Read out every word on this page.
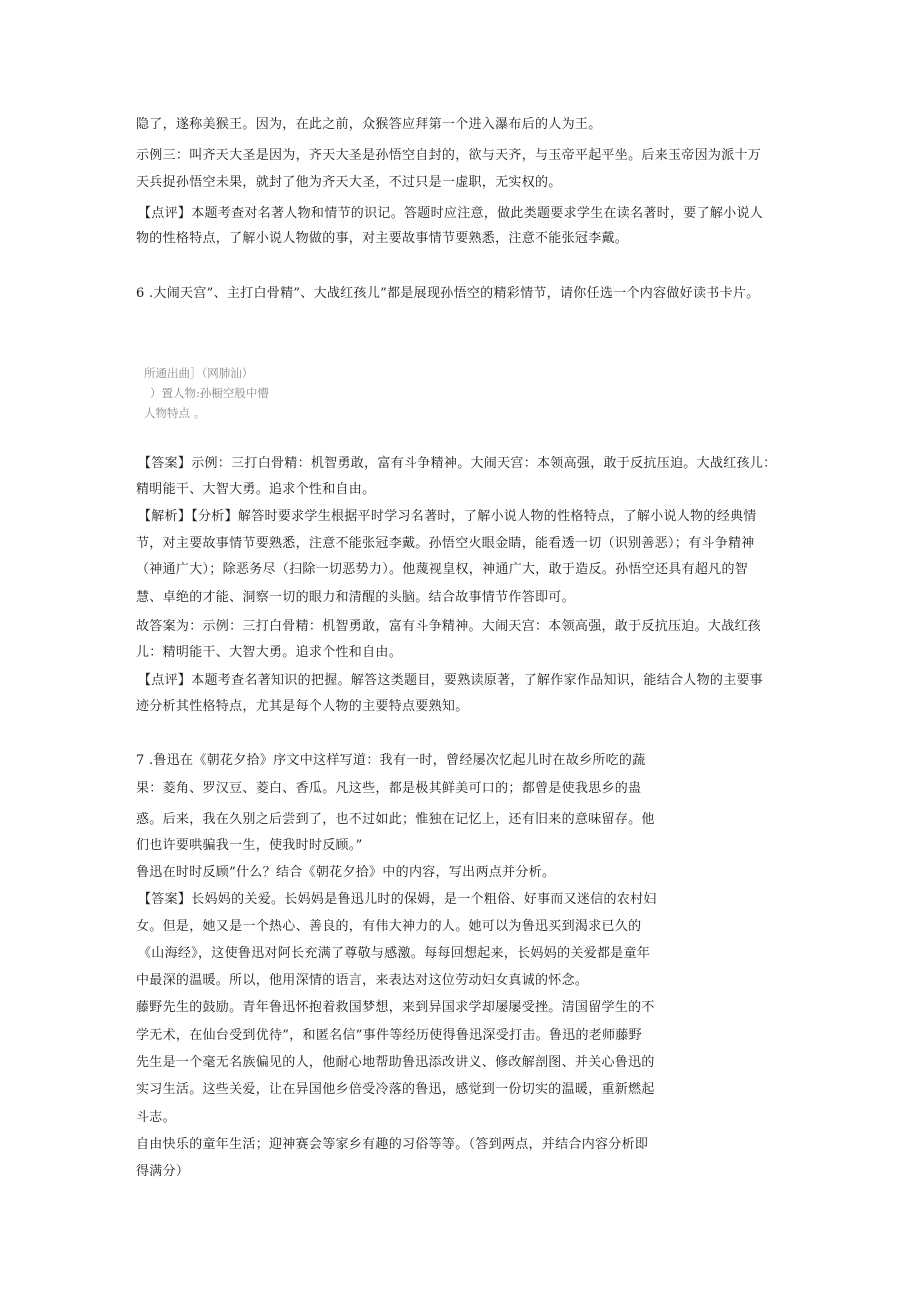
隐了，遂称美猴王。因为，在此之前，众猴答应拜第一个进入瀑布后的人为王。
示例三：叫齐天大圣是因为，齐天大圣是孙悟空自封的，欲与天齐，与玉帝平起平坐。后来玉帝因为派十万
天兵捉孙悟空未果，就封了他为齐天大圣，不过只是一虚职，无实权的。
【点评】本题考查对名著人物和情节的识记。答题时应注意，做此类题要求学生在读名著时，要了解小说人
物的性格特点，了解小说人物做的事，对主要故事情节要熟悉，注意不能张冠李戴。
6 .大闹天宫”、主打白骨精”、大战红孩儿”都是展现孙悟空的精彩情节，请你任选一个内容做好读书卡片。
所通出曲］（网肺汕）
）置人物:孙橱空般中懵
人物特点 。
【答案】示例：三打白骨精：机智勇敢，富有斗争精神。大闹天宫：本领高强，敢于反抗压迫。大战红孩儿：
精明能干、大智大勇。追求个性和自由。
【解析】【分析】解答时要求学生根据平时学习名著时，了解小说人物的性格特点，了解小说人物的经典情
节，对主要故事情节要熟悉，注意不能张冠李戴。孙悟空火眼金睛，能看透一切（识别善恶）；有斗争精神
（神通广大）；除恶务尽（扫除一切恶势力）。他蔑视皇权，神通广大，敢于造反。孙悟空还具有超凡的智
慧、卓绝的才能、洞察一切的眼力和清醒的头脑。结合故事情节作答即可。
故答案为：示例：三打白骨精：机智勇敢，富有斗争精神。大闹天宫：本领高强，敢于反抗压迫。大战红孩
儿：精明能干、大智大勇。追求个性和自由。
【点评】本题考查名著知识的把握。解答这类题目，要熟读原著，了解作家作品知识，能结合人物的主要事
迹分析其性格特点，尤其是每个人物的主要特点要熟知。
7 .鲁迅在《朝花夕拾》序文中这样写道：我有一时，曾经屡次忆起儿时在故乡所吃的蔬
果：菱角、罗汉豆、菱白、香瓜。凡这些，都是极其鲜美可口的；都曾是使我思乡的蛊
惑。后来，我在久别之后尝到了，也不过如此；惟独在记忆上，还有旧来的意味留存。他
们也许要哄骗我一生，使我时时反顾。”
鲁迅在时时反顾”什么？结合《朝花夕拾》中的内容，写出两点并分析。
【答案】长妈妈的关爱。长妈妈是鲁迅儿时的保姆，是一个粗俗、好事而又迷信的农村妇
女。但是，她又是一个热心、善良的，有伟大神力的人。她可以为鲁迅买到渴求已久的
《山海经》，这使鲁迅对阿长充满了尊敬与感激。每每回想起来，长妈妈的关爱都是童年
中最深的温暖。所以，他用深情的语言，来表达对这位劳动妇女真诚的怀念。
藤野先生的鼓励。青年鲁迅怀抱着救国梦想，来到异国求学却屡屡受挫。清国留学生的不
学无术，在仙台受到优待”，和匿名信”事件等经历使得鲁迅深受打击。鲁迅的老师藤野
先生是一个毫无名族偏见的人，他耐心地帮助鲁迅添改讲义、修改解剖图、并关心鲁迅的
实习生活。这些关爱，让在异国他乡倍受冷落的鲁迅，感觉到一份切实的温暖，重新燃起
斗志。
自由快乐的童年生活；迎神赛会等家乡有趣的习俗等等。（答到两点，并结合内容分析即
得满分）
